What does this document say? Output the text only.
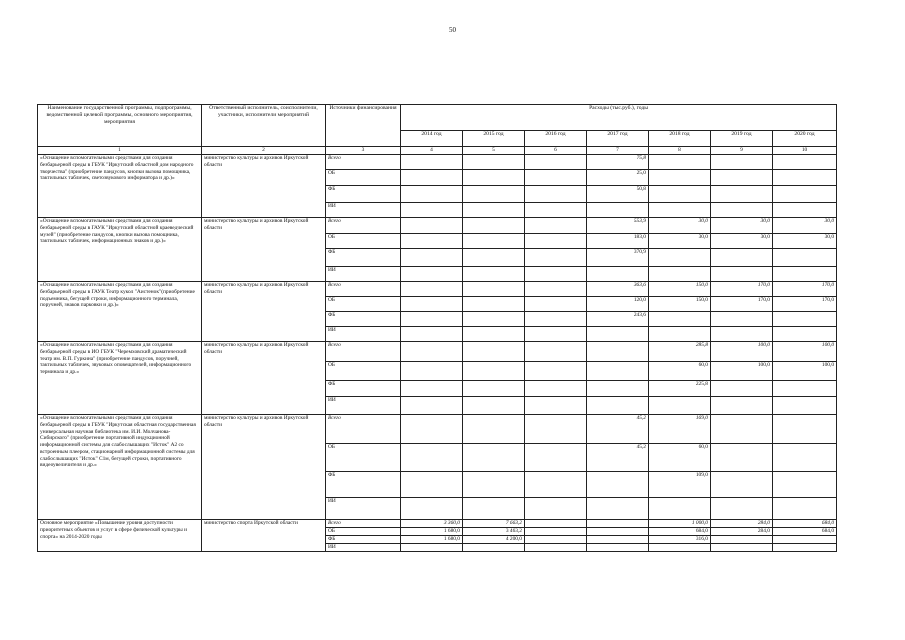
50
Наименование государственной программы, подпрограммы, ведомственной целевой программы, основного мероприятия, мероприятия	Ответственный исполнитель, соисполнители, участники, исполнители мероприятий	Источники финансирования	Расходы (тыс.руб.), годы						
			2014 год	2015 год	2016 год	2017 год	2018 год	2019 год	2020 год
1	2	3	4	5	6	7	8	9	10
«Оснащение вспомогательными средствами для создания безбарьерной среды в ГБУК "Иркутский областной дом народного творчества" (приобретение пандусов, кнопки вызова помощника, тактильных табличек, светозвукового информатора и др.)»	министерство культуры и архивов Иркутской области	Всего				75,8			
		ОБ				25,0			
		ФБ				50,8			
		ИИ							
«Оснащение вспомогательными средствами для создания безбарьерной среды в ГАУК "Иркутский областной краеведческий музей" (приобретение пандусов, кнопки вызова помощника, тактильных табличек, информационных знаков и др.)»	министерство культуры и архивов Иркутской области	Всего				553,9	30,0	30,0	30,0
		ОБ				183,0	30,0	30,0	30,0
		ФБ				370,9			
		ИИ							
«Оснащение вспомогательными средствами для создания безбарьерной среды в ГАУК Театр кукол "Аистенок"(приобретение подъемника, бегущей строки, информационного терминала, поручней, знаков парковки и др.)»	министерство культуры и архивов Иркутской области	Всего				363,6	150,0	170,0	170,0
		ОБ				120,0	150,0	170,0	170,0
		ФБ				243,6			
		ИИ							
«Оснащение вспомогательными средствами для создания безбарьерной среды в ИО ГБУК "Черемховский драматический театр им. В.П. Гуркина" (приобретение пандусов, поручней, тактильных табличек, звуковых оповещателей, информационного терминала и др.»	министерство культуры и архивов Иркутской области	Всего					285,8	100,0	100,0
		ОБ					60,0	100,0	100,0
		ФБ					225,8		
		ИИ							
«Оснащение вспомогательными средствами для создания безбарьерной среды в ГБУК "Иркутская областная государственная универсальная научная библиотека им. И.И. Молчанова-Сибирского" (приобретение портативной индукционной информационной системы для слабослышащих "Исток" А2 со встроенным плеером, стационарной информационной системы для слабослышащих "Исток" С1м, бегущей строки, портативного видеоувеличителя и др.»	министерство культуры и архивов Иркутской области	Всего				45,2	169,0		
		ОБ				45,2	60,0		
		ФБ					109,0		
		ИИ							
Основное мероприятие «Повышение уровня доступности приоритетных объектов и услуг в сфере физической культуры и спорта» на 2014-2020 годы	министерство спорта Иркутской области	Всего	3 360,0	7 663,2			1 000,0	284,0	684,0
		ОБ	1 680,0	3 463,2			684,0	284,0	684,0
		ФБ	1 680,0	4 200,0			316,0		
		ИИ							
